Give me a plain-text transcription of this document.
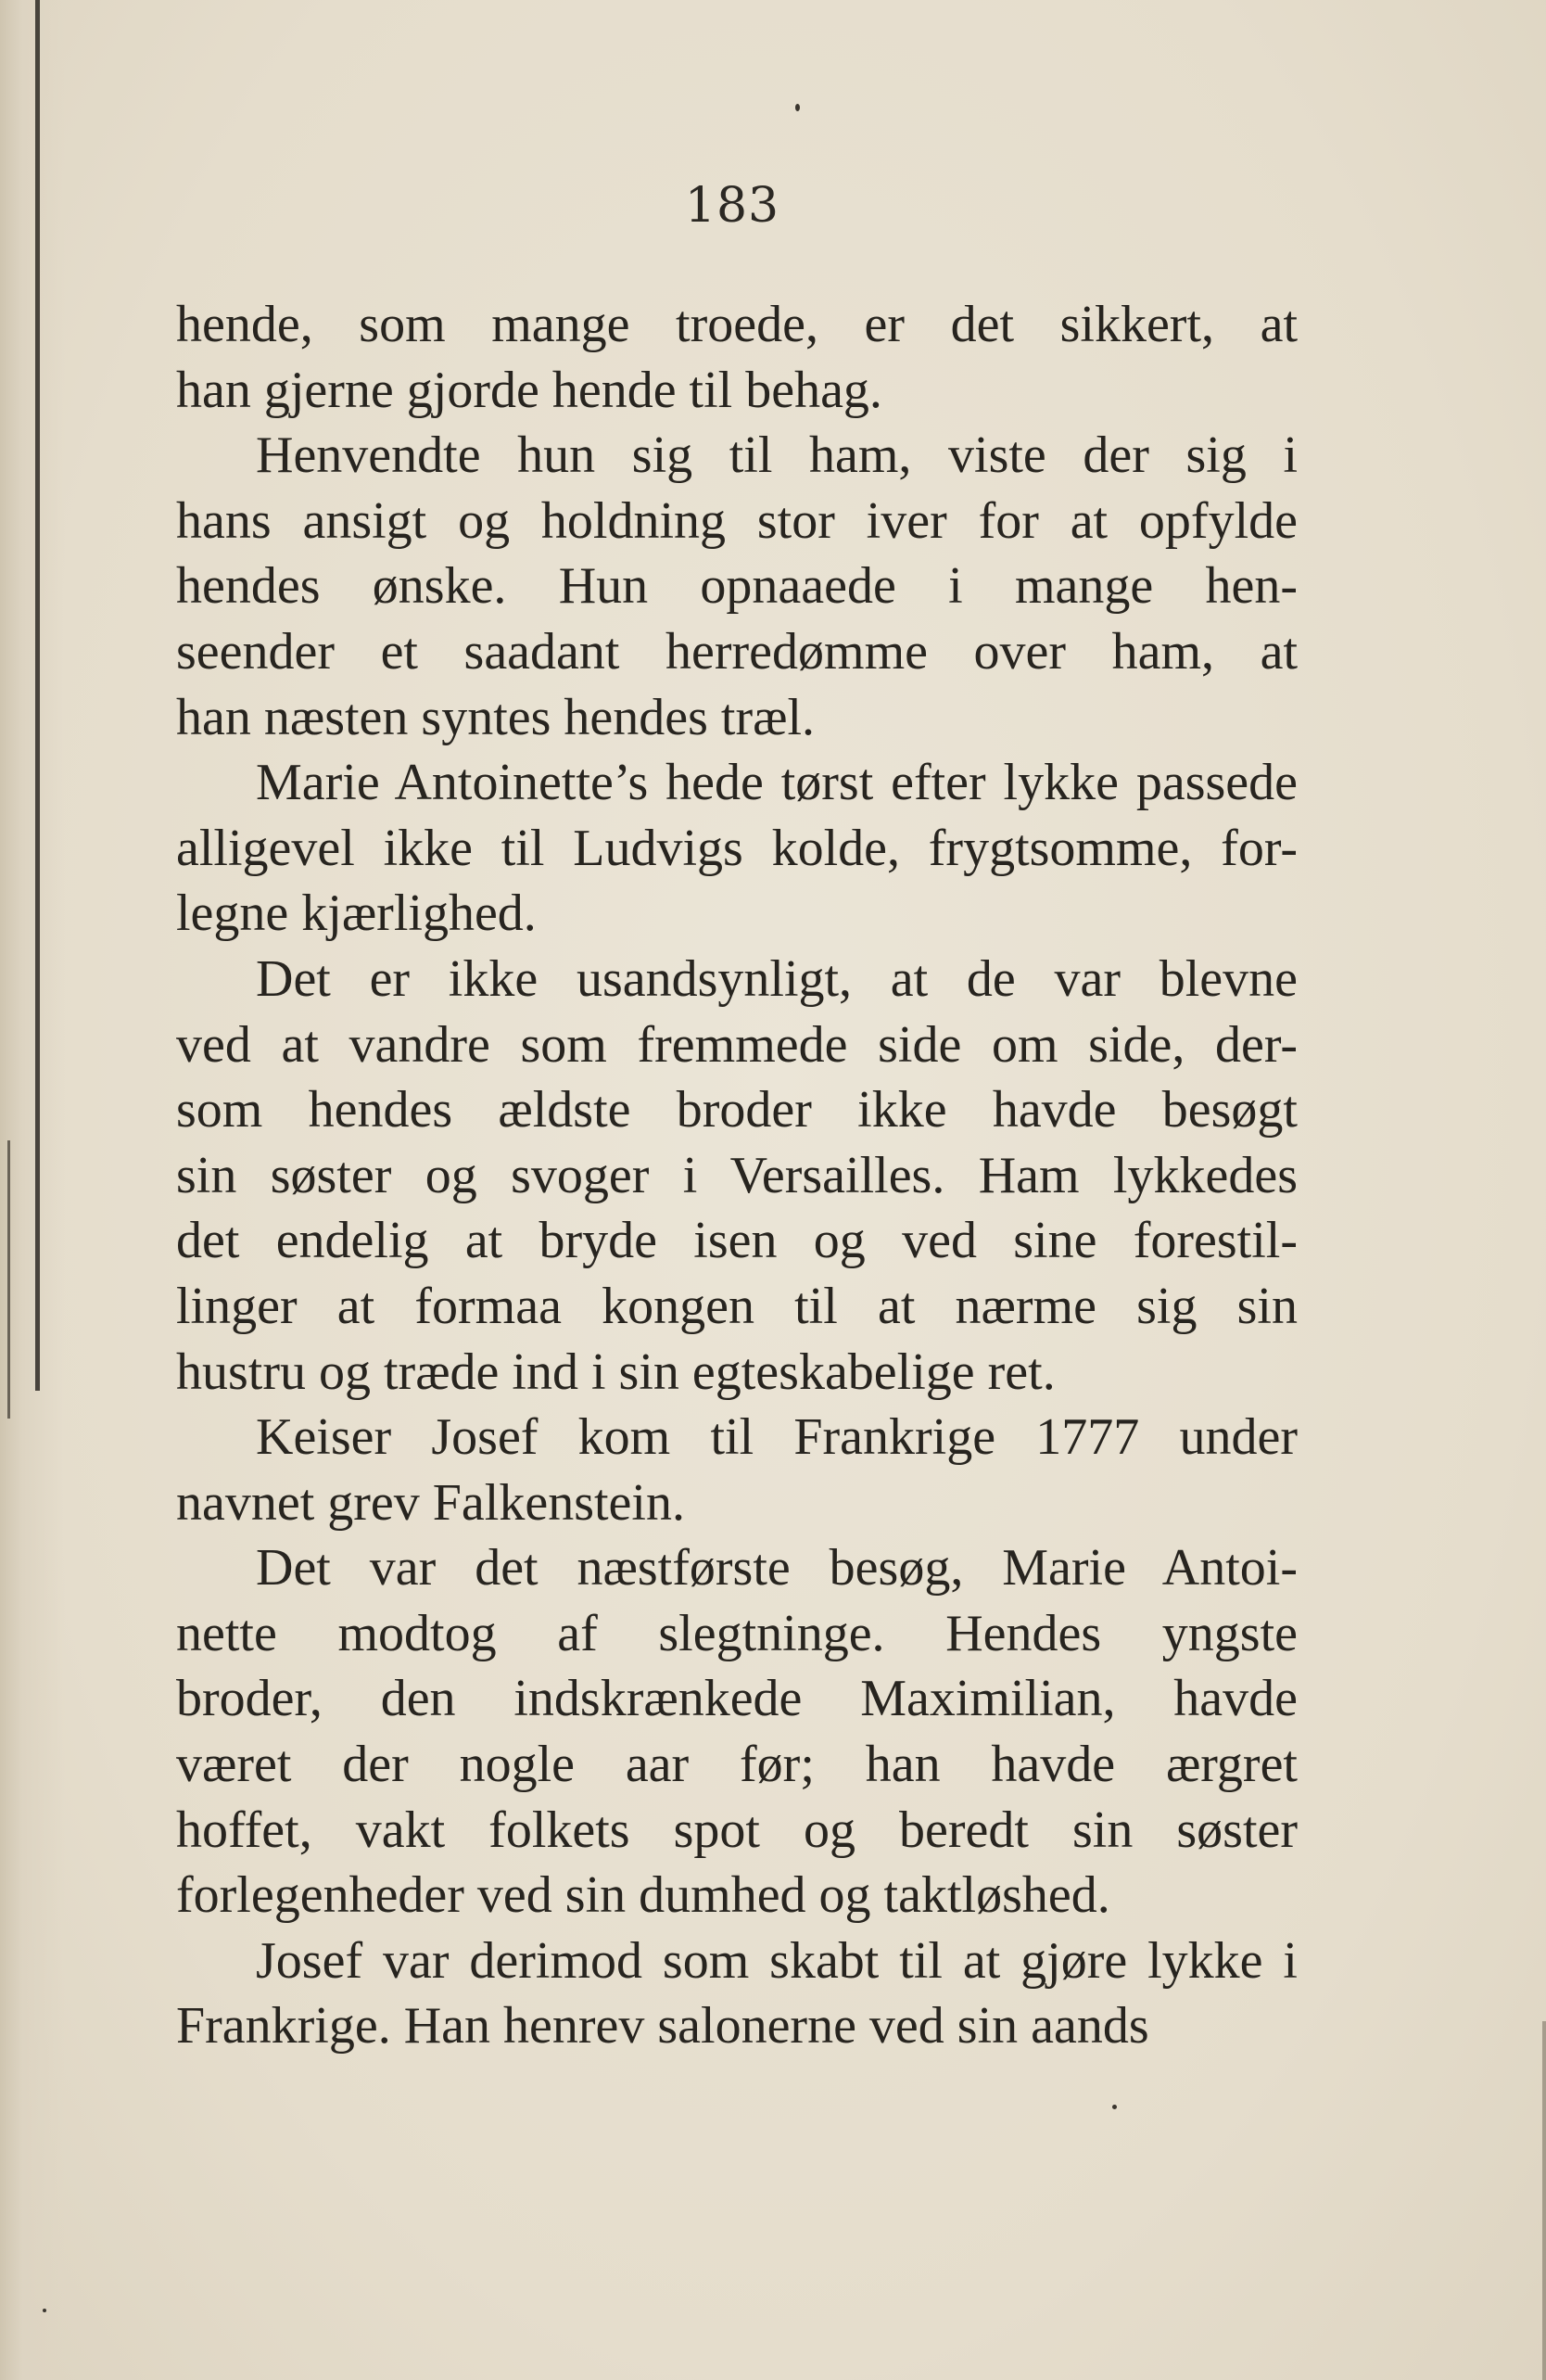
183
hende, som mange troede, er det sikkert, at
han gjerne gjorde hende til behag.
Henvendte hun sig til ham, viste der sig i
hans ansigt og holdning stor iver for at opfylde
hendes ønske. Hun opnaaede i mange hen-
seender et saadant herredømme over ham, at
han næsten syntes hendes træl.
Marie Antoinette’s hede tørst efter lykke passede
alligevel ikke til Ludvigs kolde, frygtsomme, for-
legne kjærlighed.
Det er ikke usandsynligt, at de var blevne
ved at vandre som fremmede side om side, der-
som hendes ældste broder ikke havde besøgt
sin søster og svoger i Versailles. Ham lykkedes
det endelig at bryde isen og ved sine forestil-
linger at formaa kongen til at nærme sig sin
hustru og træde ind i sin egteskabelige ret.
Keiser Josef kom til Frankrige 1777 under
navnet grev Falkenstein.
Det var det næstførste besøg, Marie Antoi-
nette modtog af slegtninge. Hendes yngste
broder, den indskrænkede Maximilian, havde
været der nogle aar før; han havde ærgret
hoffet, vakt folkets spot og beredt sin søster
forlegenheder ved sin dumhed og taktløshed.
Josef var derimod som skabt til at gjøre lykke i
Frankrige. Han henrev salonerne ved sin aands
